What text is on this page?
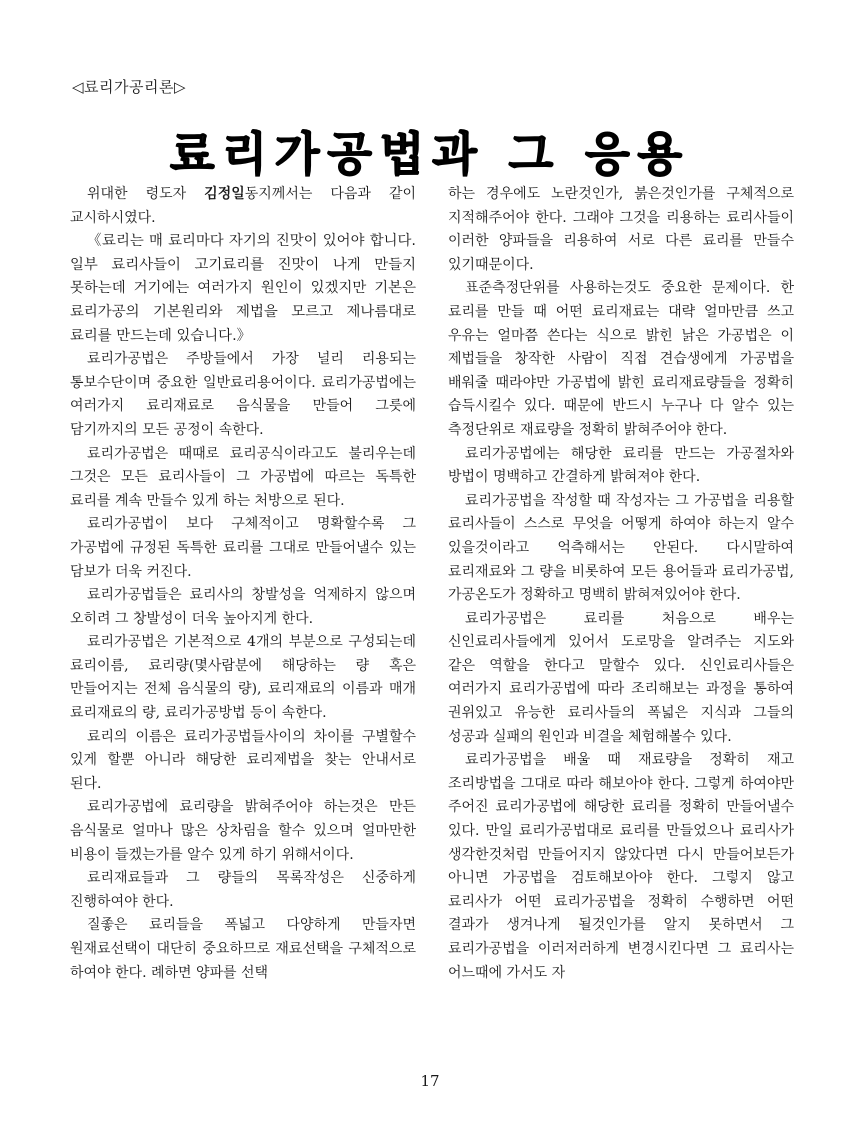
◁료리가공리론▷
료리가공법과 그 응용

위대한 령도자 김정일동지께서는 다음과 같이 교시하시였다.

《료리는 매 료리마다 자기의 진맛이 있어야 합니다. 일부 료리사들이 고기료리를 진맛이 나게 만들지 못하는데 거기에는 여러가지 원인이 있겠지만 기본은 료리가공의 기본원리와 제법을 모르고 제나름대로 료리를 만드는데 있습니다.》

료리가공법은 주방들에서 가장 널리 리용되는 통보수단이며 중요한 일반료리용어이다. 료리가공법에는 여러가지 료리재료로 음식물을 만들어 그릇에 담기까지의 모든 공정이 속한다.

료리가공법은 때때로 료리공식이라고도 불리우는데 그것은 모든 료리사들이 그 가공법에 따르는 독특한 료리를 계속 만들수 있게 하는 처방으로 된다.

료리가공법이 보다 구체적이고 명확할수록 그 가공법에 규정된 독특한 료리를 그대로 만들어낼수 있는 담보가 더욱 커진다.

료리가공법들은 료리사의 창발성을 억제하지 않으며 오히려 그 창발성이 더욱 높아지게 한다.

료리가공법은 기본적으로 4개의 부분으로 구성되는데 료리이름, 료리량(몇사람분에 해당하는 량 혹은 만들어지는 전체 음식물의 량), 료리재료의 이름과 매개 료리재료의 량, 료리가공방법 등이 속한다.

료리의 이름은 료리가공법들사이의 차이를 구별할수 있게 할뿐 아니라 해당한 료리제법을 찾는 안내서로 된다.

료리가공법에 료리량을 밝혀주어야 하는것은 만든 음식물로 얼마나 많은 상차림을 할수 있으며 얼마만한 비용이 들겠는가를 알수 있게 하기 위해서이다.

료리재료들과 그 량들의 목록작성은 신중하게 진행하여야 한다.

질좋은 료리들을 폭넓고 다양하게 만들자면 원재료선택이 대단히 중요하므로 재료선택을 구체적으로 하여야 한다. 례하면 양파를 선택

하는 경우에도 노란것인가, 붉은것인가를 구체적으로 지적해주어야 한다. 그래야 그것을 리용하는 료리사들이 이러한 양파들을 리용하여 서로 다른 료리를 만들수 있기때문이다.

표준측정단위를 사용하는것도 중요한 문제이다. 한 료리를 만들 때 어떤 료리재료는 대략 얼마만큼 쓰고 우유는 얼마쯤 쓴다는 식으로 밝힌 낡은 가공법은 이 제법들을 창작한 사람이 직접 견습생에게 가공법을 배워줄 때라야만 가공법에 밝힌 료리재료량들을 정확히 습득시킬수 있다. 때문에 반드시 누구나 다 알수 있는 측정단위로 재료량을 정확히 밝혀주어야 한다.

료리가공법에는 해당한 료리를 만드는 가공절차와 방법이 명백하고 간결하게 밝혀져야 한다.

료리가공법을 작성할 때 작성자는 그 가공법을 리용할 료리사들이 스스로 무엇을 어떻게 하여야 하는지 알수 있을것이라고 억측해서는 안된다. 다시말하여 료리재료와 그 량을 비롯하여 모든 용어들과 료리가공법, 가공온도가 정확하고 명백히 밝혀져있어야 한다.

료리가공법은 료리를 처음으로 배우는 신인료리사들에게 있어서 도로망을 알려주는 지도와 같은 역할을 한다고 말할수 있다. 신인료리사들은 여러가지 료리가공법에 따라 조리해보는 과정을 통하여 권위있고 유능한 료리사들의 폭넓은 지식과 그들의 성공과 실패의 원인과 비결을 체험해볼수 있다.

료리가공법을 배울 때 재료량을 정확히 재고 조리방법을 그대로 따라 해보아야 한다. 그렇게 하여야만 주어진 료리가공법에 해당한 료리를 정확히 만들어낼수 있다. 만일 료리가공법대로 료리를 만들었으나 료리사가 생각한것처럼 만들어지지 않았다면 다시 만들어보든가 아니면 가공법을 검토해보아야 한다. 그렇지 않고 료리사가 어떤 료리가공법을 정확히 수행하면 어떤 결과가 생겨나게 될것인가를 알지 못하면서 그 료리가공법을 이러저러하게 변경시킨다면 그 료리사는 어느때에 가서도 자

17
